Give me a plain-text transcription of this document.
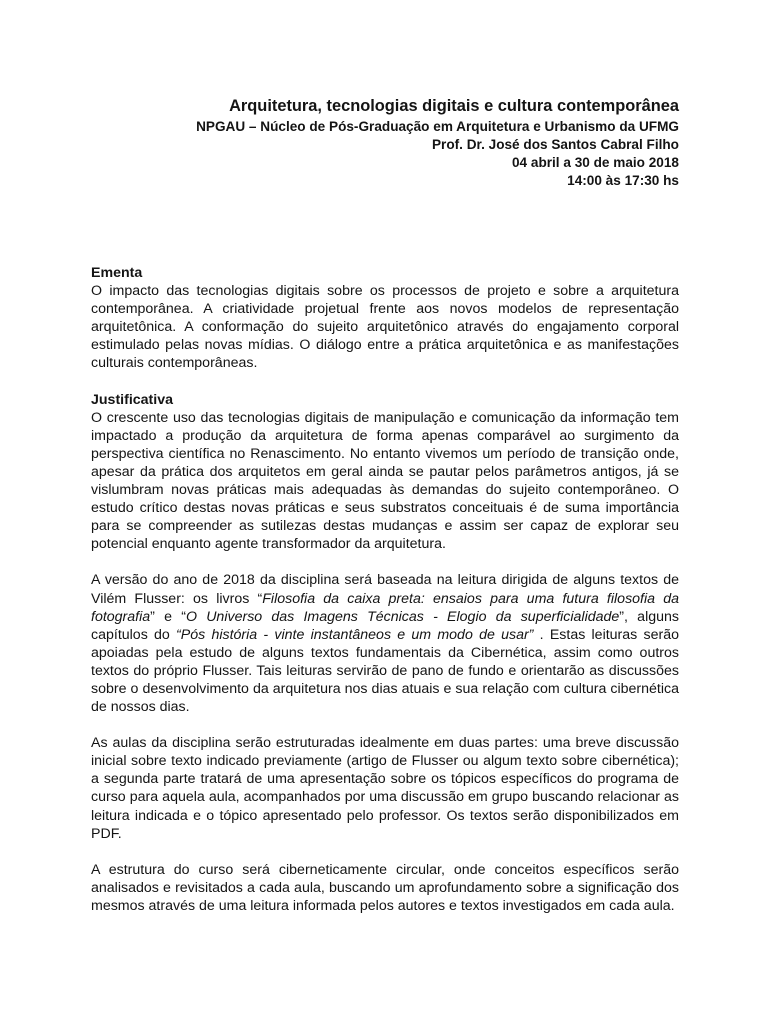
Arquitetura, tecnologias digitais e cultura contemporânea
NPGAU – Núcleo de Pós-Graduação em Arquitetura e Urbanismo da UFMG
Prof. Dr. José dos Santos Cabral Filho
04 abril a 30 de maio 2018
14:00 às 17:30 hs
Ementa

O impacto das tecnologias digitais sobre os processos de projeto e sobre a arquitetura contemporânea. A criatividade projetual frente aos novos modelos de representação arquitetônica. A conformação do sujeito arquitetônico através do engajamento corporal estimulado pelas novas mídias. O diálogo entre a prática arquitetônica e as manifestações culturais contemporâneas.

Justificativa

O crescente uso das tecnologias digitais de manipulação e comunicação da informação tem impactado a produção da arquitetura de forma apenas comparável ao surgimento da perspectiva científica no Renascimento. No entanto vivemos um período de transição onde, apesar da prática dos arquitetos em geral ainda se pautar pelos parâmetros antigos, já se vislumbram novas práticas mais adequadas às demandas do sujeito contemporâneo. O estudo crítico destas novas práticas e seus substratos conceituais é de suma importância para se compreender as sutilezas destas mudanças e assim ser capaz de explorar seu potencial enquanto agente transformador da arquitetura.

A versão do ano de 2018 da disciplina será baseada na leitura dirigida de alguns textos de Vilém Flusser: os livros “Filosofia da caixa preta: ensaios para uma futura filosofia da fotografia” e “O Universo das Imagens Técnicas - Elogio da superficialidade”, alguns capítulos do “Pós história - vinte instantâneos e um modo de usar” . Estas leituras serão apoiadas pela estudo de alguns textos fundamentais da Cibernética, assim como outros textos do próprio Flusser. Tais leituras servirão de pano de fundo e orientarão as discussões sobre o desenvolvimento da arquitetura nos dias atuais e sua relação com cultura cibernética de nossos dias.

As aulas da disciplina serão estruturadas idealmente em duas partes: uma breve discussão inicial sobre texto indicado previamente (artigo de Flusser ou algum texto sobre cibernética); a segunda parte tratará de uma apresentação sobre os tópicos específicos do programa de curso para aquela aula, acompanhados por uma discussão em grupo buscando relacionar as leitura indicada e o tópico apresentado pelo professor. Os textos serão disponibilizados em PDF.

A estrutura do curso será ciberneticamente circular, onde conceitos específicos serão analisados e revisitados a cada aula, buscando um aprofundamento sobre a significação dos mesmos através de uma leitura informada pelos autores e textos investigados em cada aula.
